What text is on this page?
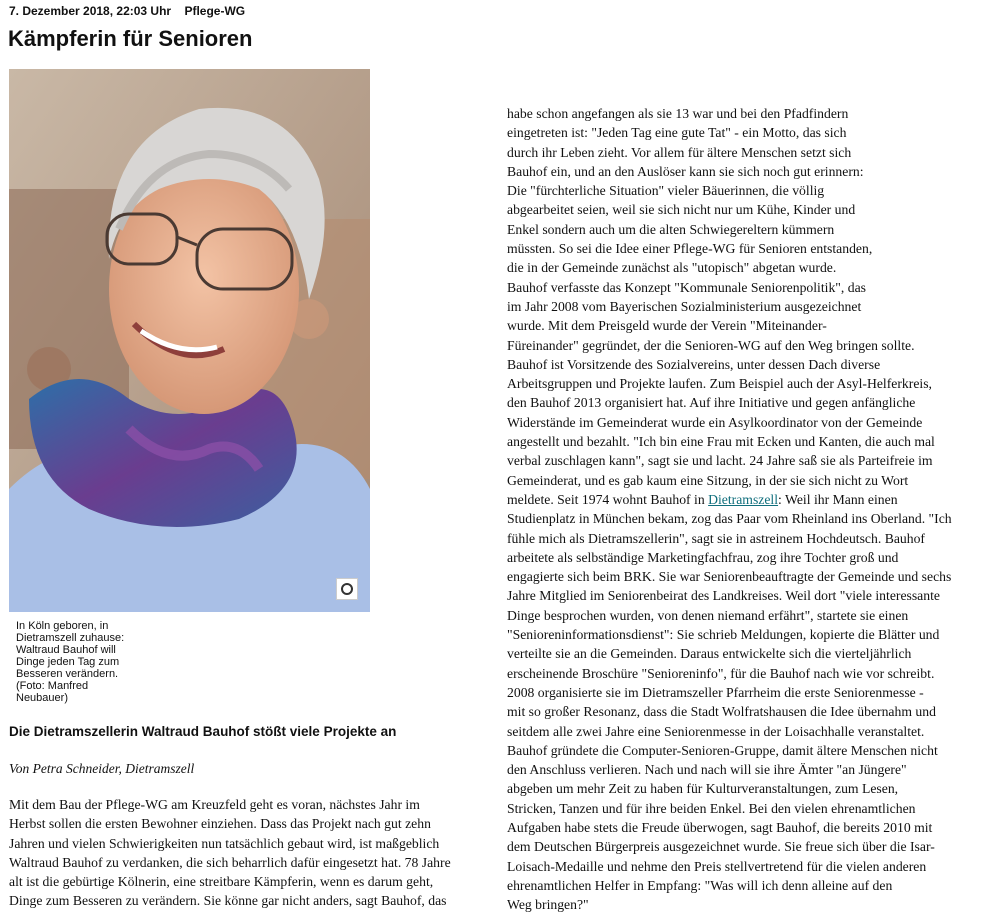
7. Dezember 2018, 22:03 Uhr Pflege-WG
Kämpferin für Senioren
In Köln geboren, in
Dietramszell zuhause:
Waltraud Bauhof will
Dinge jeden Tag zum
Besseren verändern.
(Foto: Manfred
Neubauer)
Die Dietramszellerin Waltraud Bauhof stößt viele Projekte an
Von Petra Schneider, Dietramszell
Mit dem Bau der Pflege-WG am Kreuzfeld geht es voran, nächstes Jahr im
Herbst sollen die ersten Bewohner einziehen. Dass das Projekt nach gut zehn
Jahren und vielen Schwierigkeiten nun tatsächlich gebaut wird, ist maßgeblich
Waltraud Bauhof zu verdanken, die sich beharrlich dafür eingesetzt hat. 78 Jahre
alt ist die gebürtige Kölnerin, eine streitbare Kämpferin, wenn es darum geht,
Dinge zum Besseren zu verändern. Sie könne gar nicht anders, sagt Bauhof, das
habe schon angefangen als sie 13 war und bei den Pfadfindern
eingetreten ist: "Jeden Tag eine gute Tat" - ein Motto, das sich
durch ihr Leben zieht. Vor allem für ältere Menschen setzt sich
Bauhof ein, und an den Auslöser kann sie sich noch gut erinnern:
Die "fürchterliche Situation" vieler Bäuerinnen, die völlig
abgearbeitet seien, weil sie sich nicht nur um Kühe, Kinder und
Enkel sondern auch um die alten Schwiegereltern kümmern
müssten. So sei die Idee einer Pflege-WG für Senioren entstanden,
die in der Gemeinde zunächst als "utopisch" abgetan wurde.
Bauhof verfasste das Konzept "Kommunale Seniorenpolitik", das
im Jahr 2008 vom Bayerischen Sozialministerium ausgezeichnet
wurde. Mit dem Preisgeld wurde der Verein "Miteinander-
Füreinander" gegründet, der die Senioren-WG auf den Weg bringen sollte.
Bauhof ist Vorsitzende des Sozialvereins, unter dessen Dach diverse
Arbeitsgruppen und Projekte laufen. Zum Beispiel auch der Asyl-Helferkreis,
den Bauhof 2013 organisiert hat. Auf ihre Initiative und gegen anfängliche
Widerstände im Gemeinderat wurde ein Asylkoordinator von der Gemeinde
angestellt und bezahlt. "Ich bin eine Frau mit Ecken und Kanten, die auch mal
verbal zuschlagen kann", sagt sie und lacht. 24 Jahre saß sie als Parteifreie im
Gemeinderat, und es gab kaum eine Sitzung, in der sie sich nicht zu Wort
meldete. Seit 1974 wohnt Bauhof in Dietramszell: Weil ihr Mann einen
Studienplatz in München bekam, zog das Paar vom Rheinland ins Oberland. "Ich
fühle mich als Dietramszellerin", sagt sie in astreinem Hochdeutsch. Bauhof
arbeitete als selbständige Marketingfachfrau, zog ihre Tochter groß und
engagierte sich beim BRK. Sie war Seniorenbeauftragte der Gemeinde und sechs
Jahre Mitglied im Seniorenbeirat des Landkreises. Weil dort "viele interessante
Dinge besprochen wurden, von denen niemand erfährt", startete sie einen
"Senioreninformationsdienst": Sie schrieb Meldungen, kopierte die Blätter und
verteilte sie an die Gemeinden. Daraus entwickelte sich die vierteljährlich
erscheinende Broschüre "Senioreninfo", für die Bauhof nach wie vor schreibt.
2008 organisierte sie im Dietramszeller Pfarrheim die erste Seniorenmesse -
mit so großer Resonanz, dass die Stadt Wolfratshausen die Idee übernahm und
seitdem alle zwei Jahre eine Seniorenmesse in der Loisachhalle veranstaltet.
Bauhof gründete die Computer-Senioren-Gruppe, damit ältere Menschen nicht
den Anschluss verlieren. Nach und nach will sie ihre Ämter "an Jüngere"
abgeben um mehr Zeit zu haben für Kulturveranstaltungen, zum Lesen,
Stricken, Tanzen und für ihre beiden Enkel. Bei den vielen ehrenamtlichen
Aufgaben habe stets die Freude überwogen, sagt Bauhof, die bereits 2010 mit
dem Deutschen Bürgerpreis ausgezeichnet wurde. Sie freue sich über die Isar-
Loisach-Medaille und nehme den Preis stellvertretend für die vielen anderen
ehrenamtlichen Helfer in Empfang: "Was will ich denn alleine auf den
Weg bringen?"
